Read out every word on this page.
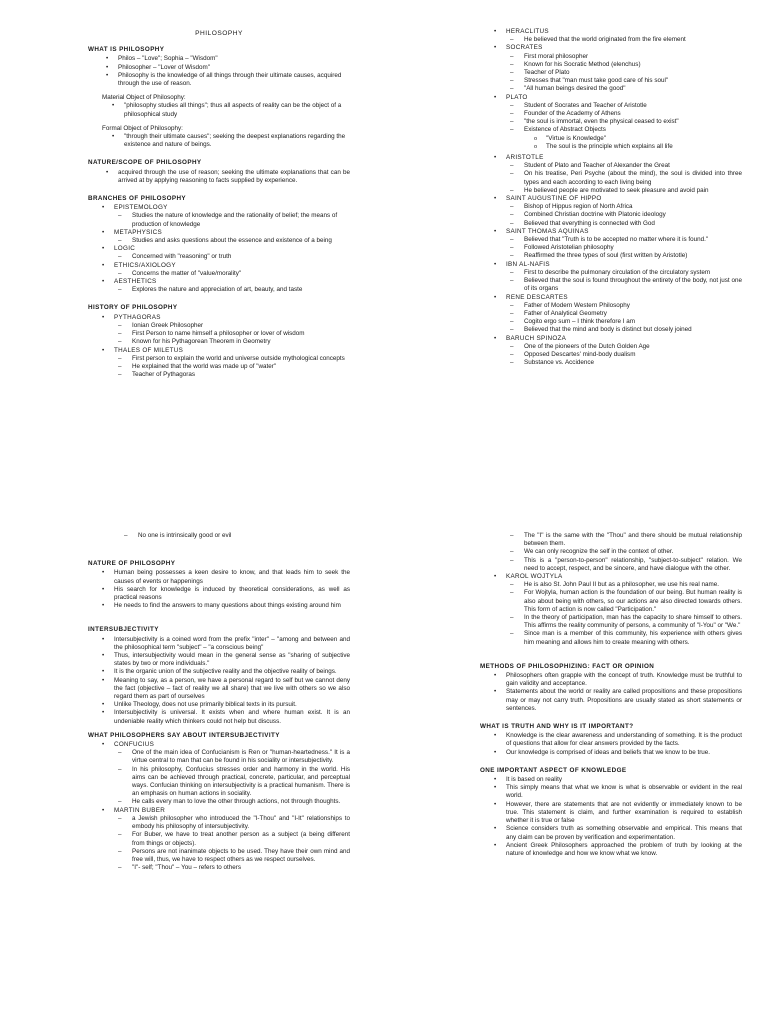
PHILOSOPHY
WHAT IS PHILOSOPHY
• Philos – "Love"; Sophia – "Wisdom"
• Philosopher – "Lover of Wisdom"
• Philosophy is the knowledge of all things through their ultimate causes, acquired through the use of reason.
Material Object of Philosophy:
• "philosophy studies all things"; thus all aspects of reality can be the object of a philosophical study
Formal Object of Philosophy:
• "through their ultimate causes"; seeking the deepest explanations regarding the existence and nature of beings.
NATURE/SCOPE OF PHILOSOPHY
• acquired through the use of reason; seeking the ultimate explanations that can be arrived at by applying reasoning to facts supplied by experience.
BRANCHES OF PHILOSOPHY
• EPISTEMOLOGY
– Studies the nature of knowledge and the rationality of belief; the means of production of knowledge
• METAPHYSICS
– Studies and asks questions about the essence and existence of a being
• LOGIC
– Concerned with "reasoning" or truth
• ETHICS/AXIOLOGY
– Concerns the matter of "value/morality"
• AESTHETICS
– Explores the nature and appreciation of art, beauty, and taste
HISTORY OF PHILOSOPHY
• PYTHAGORAS
– Ionian Greek Philosopher
– First Person to name himself a philosopher or lover of wisdom
– Known for his Pythagorean Theorem in Geometry
• THALES OF MILETUS
– First person to explain the world and universe outside mythological concepts
– He explained that the world was made up of "water"
– Teacher of Pythagoras
• HERACLITUS
– He believed that the world originated from the fire element
• SOCRATES
– First moral philosopher
– Known for his Socratic Method (elenchus)
– Teacher of Plato
– Stresses that "man must take good care of his soul"
– "All human beings desired the good"
• PLATO
– Student of Socrates and Teacher of Aristotle
– Founder of the Academy of Athens
– "the soul is immortal, even the physical ceased to exist"
– Existence of Abstract Objects
o "Virtue is Knowledge"
o The soul is the principle which explains all life
• ARISTOTLE
– Student of Plato and Teacher of Alexander the Great
– On his treatise, Peri Psyche (about the mind), the soul is divided into three types and each according to each living being
– He believed people are motivated to seek pleasure and avoid pain
• SAINT AUGUSTINE OF HIPPO
– Bishop of Hippus region of North Africa
– Combined Christian doctrine with Platonic ideology
– Believed that everything is connected with God
• SAINT THOMAS AQUINAS
– Believed that "Truth is to be accepted no matter where it is found."
– Followed Aristotelian philosophy
– Reaffirmed the three types of soul (first written by Aristotle)
• IBN AL-NAFIS
– First to describe the pulmonary circulation of the circulatory system
– Believed that the soul is found throughout the entirety of the body, not just one of its organs
• RENE DESCARTES
– Father of Modern Western Philosophy
– Father of Analytical Geometry
– Cogito ergo sum – I think therefore I am
– Believed that the mind and body is distinct but closely joined
• BARUCH SPINOZA
– One of the pioneers of the Dutch Golden Age
– Opposed Descartes' mind-body dualism
– Substance vs. Accidence
– No one is intrinsically good or evil
NATURE OF PHILOSOPHY
• Human being possesses a keen desire to know, and that leads him to seek the causes of events or happenings
• His search for knowledge is induced by theoretical considerations, as well as practical reasons
• He needs to find the answers to many questions about things existing around him
INTERSUBJECTIVITY
• Intersubjectivity is a coined word from the prefix "inter" – "among and between and the philosophical term "subject" – "a conscious being"
• Thus, intersubjectivity would mean in the general sense as "sharing of subjective states by two or more individuals."
• It is the organic union of the subjective reality and the objective reality of beings.
• Meaning to say, as a person, we have a personal regard to self but we cannot deny the fact (objective – fact of reality we all share) that we live with others so we also regard them as part of ourselves
• Unlike Theology, does not use primarily biblical texts in its pursuit.
• Intersubjectivity is universal. It exists when and where human exist. It is an undeniable reality which thinkers could not help but discuss.
WHAT PHILOSOPHERS SAY ABOUT INTERSUBJECTIVITY
• CONFUCIUS
– One of the main idea of Confucianism is Ren or "human-heartedness." It is a virtue central to man that can be found in his sociality or intersubjectivity.
– In his philosophy, Confucius stresses order and harmony in the world. His aims can be achieved through practical, concrete, particular, and perceptual ways. Confucian thinking on intersubjectivity is a practical humanism. There is an emphasis on human actions in sociality.
– He calls every man to love the other through actions, not through thoughts.
• MARTIN BUBER
– a Jewish philosopher who introduced the "I-Thou" and "I-It" relationships to embody his philosophy of intersubjectivity.
– For Buber, we have to treat another person as a subject (a being different from things or objects).
– Persons are not inanimate objects to be used. They have their own mind and free will, thus, we have to respect others as we respect ourselves.
– "I"- self; "Thou" – You – refers to others
– The "I" is the same with the "Thou" and there should be mutual relationship between them.
– We can only recognize the self in the context of other.
– This is a "person-to-person" relationship, "subject-to-subject" relation. We need to accept, respect, and be sincere, and have dialogue with the other.
• KAROL WOJTYLA
– He is also St. John Paul II but as a philosopher, we use his real name.
– For Wojtyla, human action is the foundation of our being. But human reality is also about being with others, so our actions are also directed towards others. This form of action is now called "Participation."
– In the theory of participation, man has the capacity to share himself to others. This affirms the reality community of persons, a community of "I-You" or "We."
– Since man is a member of this community, his experience with others gives him meaning and allows him to create meaning with others.
METHODS OF PHILOSOPHIZING: FACT OR OPINION
• Philosophers often grapple with the concept of truth. Knowledge must be truthful to gain validity and acceptance.
• Statements about the world or reality are called propositions and these propositions may or may not carry truth. Propositions are usually stated as short statements or sentences.
WHAT IS TRUTH AND WHY IS IT IMPORTANT?
• Knowledge is the clear awareness and understanding of something. It is the product of questions that allow for clear answers provided by the facts.
• Our knowledge is comprised of ideas and beliefs that we know to be true.
ONE IMPORTANT ASPECT OF KNOWLEDGE
• It is based on reality
• This simply means that what we know is what is observable or evident in the real world.
• However, there are statements that are not evidently or immediately known to be true. This statement is claim, and further examination is required to establish whether it is true or false
• Science considers truth as something observable and empirical. This means that any claim can be proven by verification and experimentation.
• Ancient Greek Philosophers approached the problem of truth by looking at the nature of knowledge and how we know what we know.
